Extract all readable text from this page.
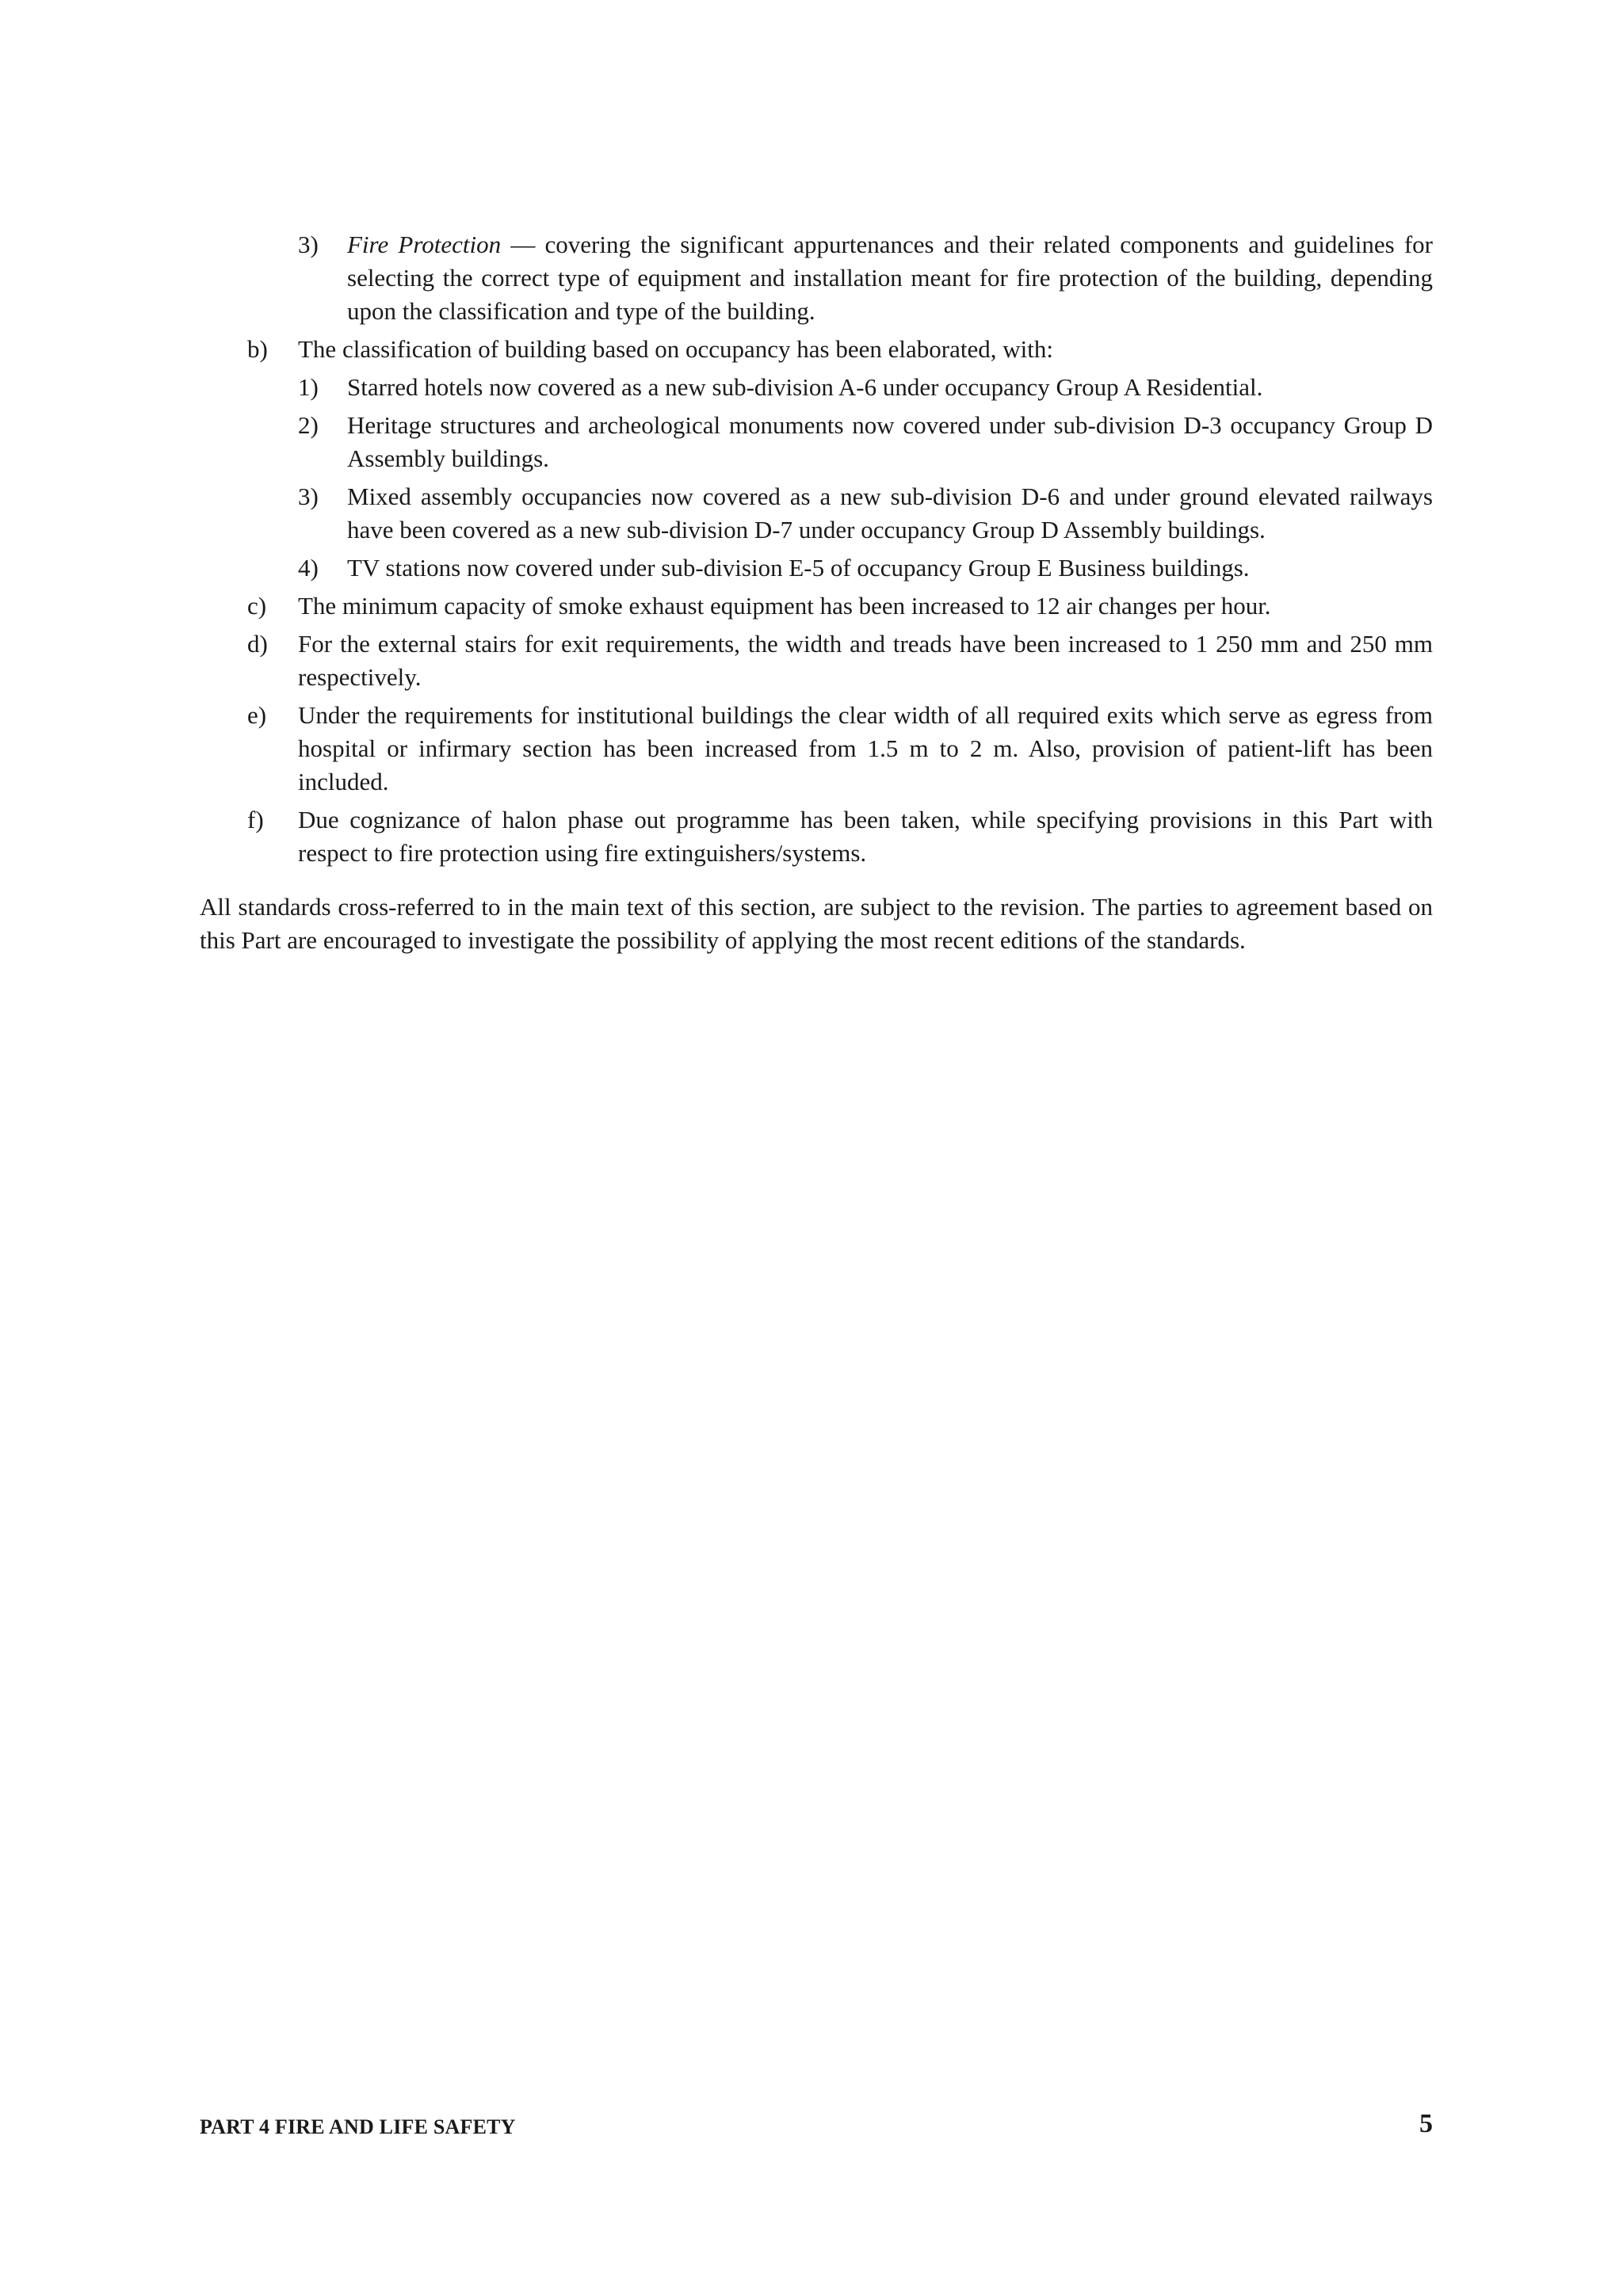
3) Fire Protection — covering the significant appurtenances and their related components and guidelines for selecting the correct type of equipment and installation meant for fire protection of the building, depending upon the classification and type of the building.
b) The classification of building based on occupancy has been elaborated, with:
1) Starred hotels now covered as a new sub-division A-6 under occupancy Group A Residential.
2) Heritage structures and archeological monuments now covered under sub-division D-3 occupancy Group D Assembly buildings.
3) Mixed assembly occupancies now covered as a new sub-division D-6 and under ground elevated railways have been covered as a new sub-division D-7 under occupancy Group D Assembly buildings.
4) TV stations now covered under sub-division E-5 of occupancy Group E Business buildings.
c) The minimum capacity of smoke exhaust equipment has been increased to 12 air changes per hour.
d) For the external stairs for exit requirements, the width and treads have been increased to 1 250 mm and 250 mm respectively.
e) Under the requirements for institutional buildings the clear width of all required exits which serve as egress from hospital or infirmary section has been increased from 1.5 m to 2 m. Also, provision of patient-lift has been included.
f) Due cognizance of halon phase out programme has been taken, while specifying provisions in this Part with respect to fire protection using fire extinguishers/systems.

All standards cross-referred to in the main text of this section, are subject to the revision. The parties to agreement based on this Part are encouraged to investigate the possibility of applying the most recent editions of the standards.

PART 4 FIRE AND LIFE SAFETY	5
